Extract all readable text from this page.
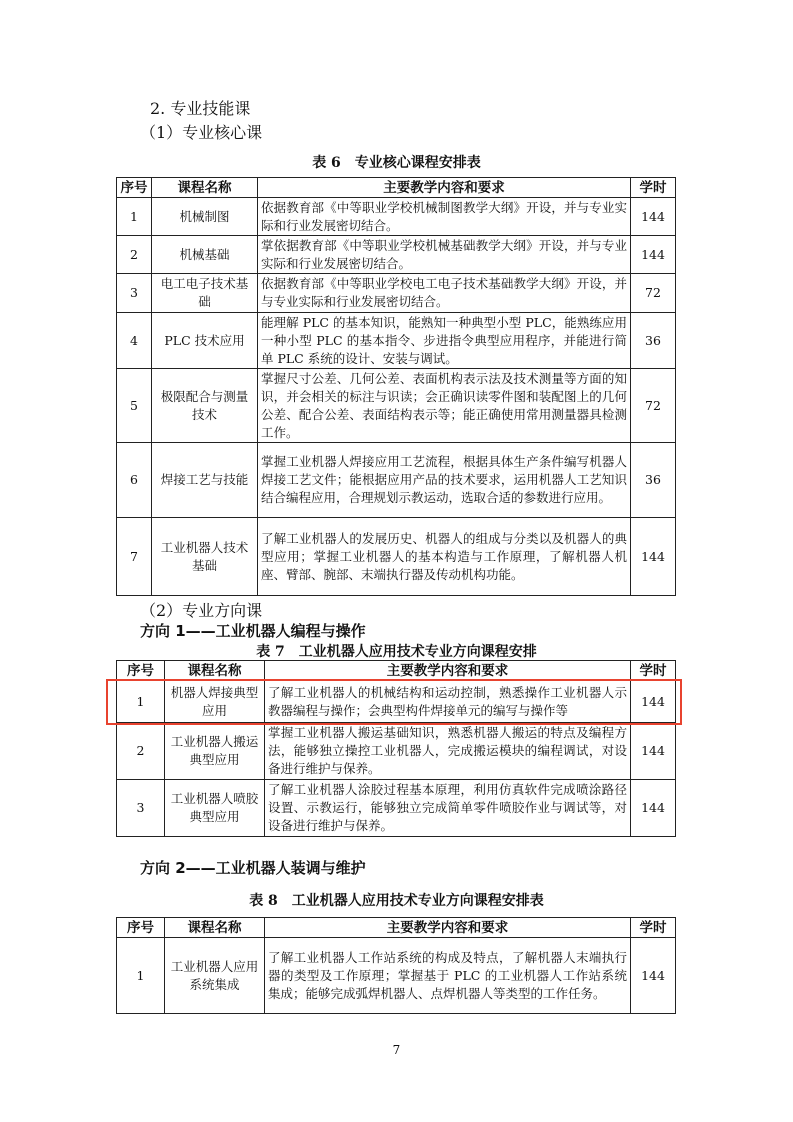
2. 专业技能课
（1）专业核心课
表 6　专业核心课程安排表
序号	课程名称	主要教学内容和要求	学时
1	机械制图	依据教育部《中等职业学校机械制图教学大纲》开设，并与专业实际和行业发展密切结合。	144
2	机械基础	掌依据教育部《中等职业学校机械基础教学大纲》开设，并与专业实际和行业发展密切结合。	144
3	电工电子技术基础	依据教育部《中等职业学校电工电子技术基础教学大纲》开设，并与专业实际和行业发展密切结合。	72
4	PLC 技术应用	能理解 PLC 的基本知识，能熟知一种典型小型 PLC，能熟练应用一种小型 PLC 的基本指令、步进指令典型应用程序，并能进行简单 PLC 系统的设计、安装与调试。	36
5	极限配合与测量技术	掌握尺寸公差、几何公差、表面机构表示法及技术测量等方面的知识，并会相关的标注与识读；会正确识读零件图和装配图上的几何公差、配合公差、表面结构表示等；能正确使用常用测量器具检测工作。	72
6	焊接工艺与技能	掌握工业机器人焊接应用工艺流程，根据具体生产条件编写机器人焊接工艺文件；能根据应用产品的技术要求，运用机器人工艺知识结合编程应用，合理规划示教运动，选取合适的参数进行应用。	36
7	工业机器人技术基础	了解工业机器人的发展历史、机器人的组成与分类以及机器人的典型应用；掌握工业机器人的基本构造与工作原理，了解机器人机座、臂部、腕部、末端执行器及传动机构功能。	144
（2）专业方向课
方向 1——工业机器人编程与操作
表 7　工业机器人应用技术专业方向课程安排
序号	课程名称	主要教学内容和要求	学时
1	机器人焊接典型应用	了解工业机器人的机械结构和运动控制，熟悉操作工业机器人示教器编程与操作；会典型构件焊接单元的编写与操作等	144
2	工业机器人搬运典型应用	掌握工业机器人搬运基础知识，熟悉机器人搬运的特点及编程方法，能够独立操控工业机器人，完成搬运模块的编程调试，对设备进行维护与保养。	144
3	工业机器人喷胶典型应用	了解工业机器人涂胶过程基本原理，利用仿真软件完成喷涂路径设置、示教运行，能够独立完成简单零件喷胶作业与调试等，对设备进行维护与保养。	144
方向 2——工业机器人装调与维护
表 8　工业机器人应用技术专业方向课程安排表
序号	课程名称	主要教学内容和要求	学时
1	工业机器人应用系统集成	了解工业机器人工作站系统的构成及特点，了解机器人末端执行器的类型及工作原理；掌握基于 PLC 的工业机器人工作站系统集成；能够完成弧焊机器人、点焊机器人等类型的工作任务。	144
7
